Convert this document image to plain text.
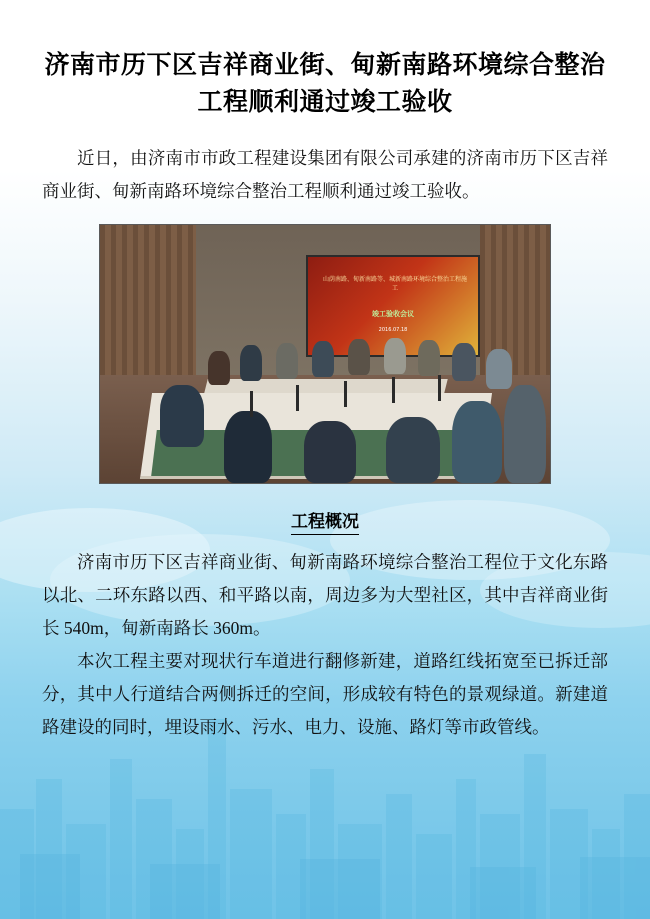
济南市历下区吉祥商业街、甸新南路环境综合整治工程顺利通过竣工验收

近日，由济南市市政工程建设集团有限公司承建的济南市历下区吉祥商业街、甸新南路环境综合整治工程顺利通过竣工验收。

山荫南路、甸新南路等、城新南路环境综合整治工程施工
竣工验收会议
2016.07.18
工程概况

济南市历下区吉祥商业街、甸新南路环境综合整治工程位于文化东路以北、二环东路以西、和平路以南，周边多为大型社区，其中吉祥商业街长 540m，甸新南路长 360m。

本次工程主要对现状行车道进行翻修新建，道路红线拓宽至已拆迁部分，其中人行道结合两侧拆迁的空间，形成较有特色的景观绿道。新建道路建设的同时，埋设雨水、污水、电力、设施、路灯等市政管线。
